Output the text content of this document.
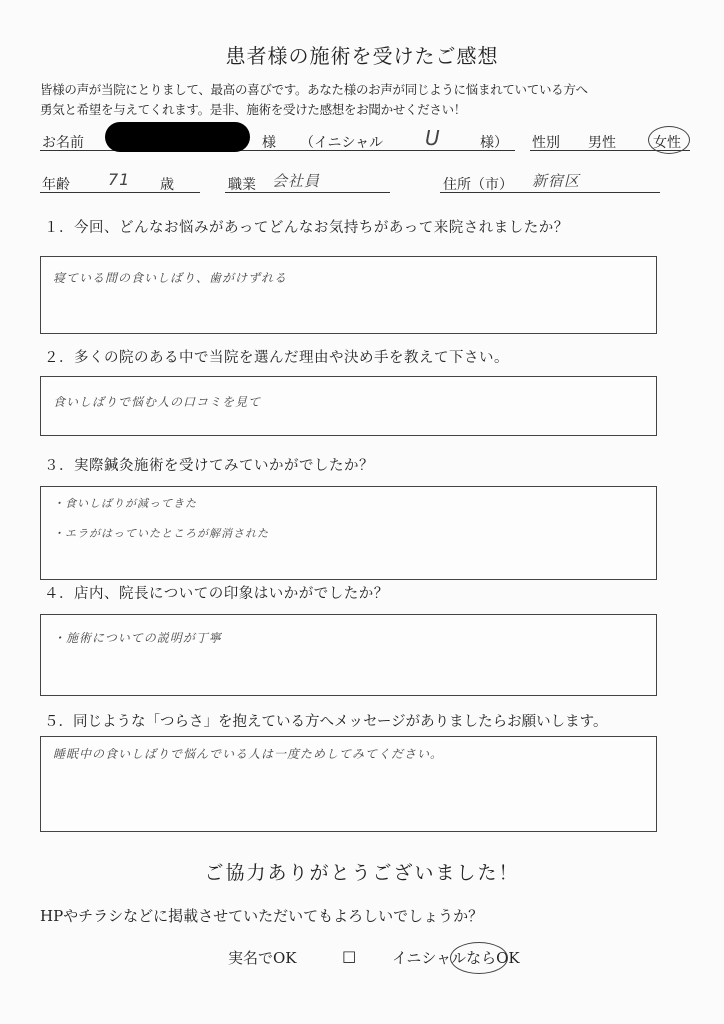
患者様の施術を受けたご感想
皆様の声が当院にとりまして、最高の喜びです。あなた様のお声が同じように悩まれていている方へ
勇気と希望を与えてくれます。是非、施術を受けた感想をお聞かせください！
お名前	様 （イニシャル U	様） 性別 男性	女性
年齢 71 歳	職業 会社員	住所（市） 新宿区
１．今回、どんなお悩みがあってどんなお気持ちがあって来院されましたか？
寝ている間の食いしばり、歯がけずれる
２．多くの院のある中で当院を選んだ理由や決め手を教えて下さい。
食いしばりで悩む人の口コミを見て
３．実際鍼灸施術を受けてみていかがでしたか？
・食いしばりが減ってきた
・エラがはっていたところが解消された
４．店内、院長についての印象はいかがでしたか？
・施術についての説明が丁寧
５．同じような「つらさ」を抱えている方へメッセージがありましたらお願いします。
睡眠中の食いしばりで悩んでいる人は一度ためしてみてください。
ご協力ありがとうございました！
HPやチラシなどに掲載させていただいてもよろしいでしょうか？
実名でOK	□ イニシャルならOK
